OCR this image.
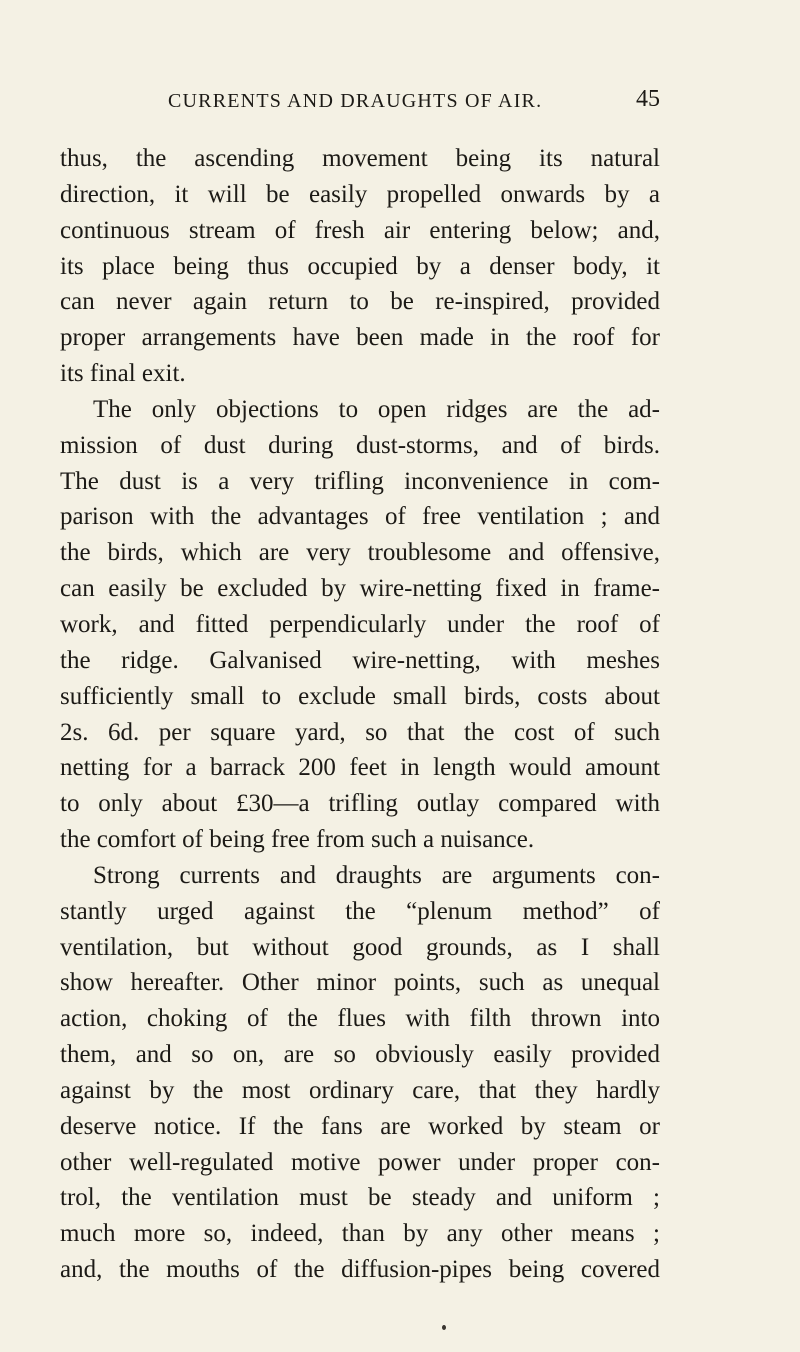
CURRENTS AND DRAUGHTS OF AIR.	45
thus, the ascending movement being its natural
direction, it will be easily propelled onwards by a
continuous stream of fresh air entering below; and,
its place being thus occupied by a denser body, it
can never again return to be re-inspired, provided
proper arrangements have been made in the roof for
its final exit.
The only objections to open ridges are the ad-
mission of dust during dust-storms, and of birds.
The dust is a very trifling inconvenience in com-
parison with the advantages of free ventilation ; and
the birds, which are very troublesome and offensive,
can easily be excluded by wire-netting fixed in frame-
work, and fitted perpendicularly under the roof of
the ridge. Galvanised wire-netting, with meshes
sufficiently small to exclude small birds, costs about
2s. 6d. per square yard, so that the cost of such
netting for a barrack 200 feet in length would amount
to only about £30—a trifling outlay compared with
the comfort of being free from such a nuisance.
Strong currents and draughts are arguments con-
stantly urged against the “plenum method” of
ventilation, but without good grounds, as I shall
show hereafter. Other minor points, such as unequal
action, choking of the flues with filth thrown into
them, and so on, are so obviously easily provided
against by the most ordinary care, that they hardly
deserve notice. If the fans are worked by steam or
other well-regulated motive power under proper con-
trol, the ventilation must be steady and uniform ;
much more so, indeed, than by any other means ;
and, the mouths of the diffusion-pipes being covered
